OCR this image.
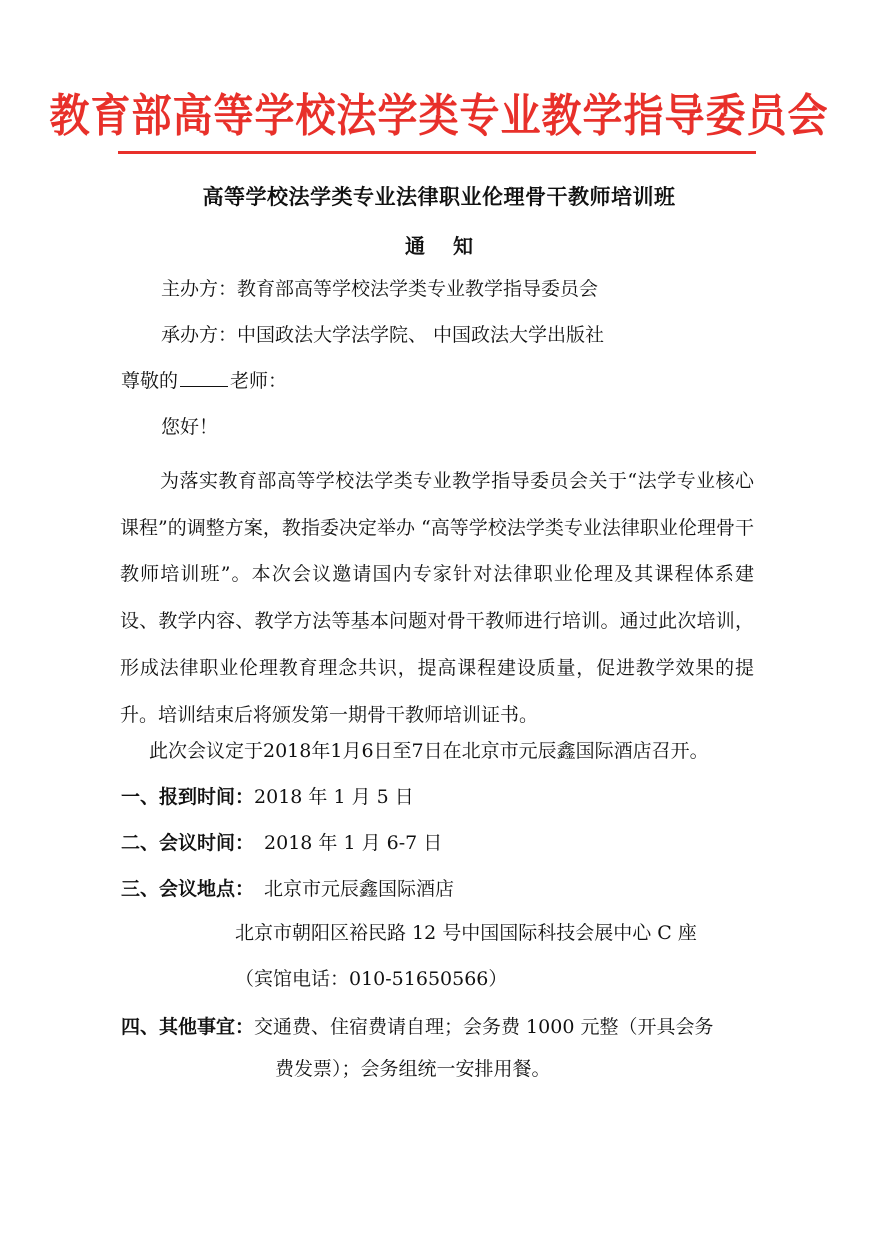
教育部高等学校法学类专业教学指导委员会
高等学校法学类专业法律职业伦理骨干教师培训班
通 知
主办方：教育部高等学校法学类专业教学指导委员会
承办方：中国政法大学法学院、 中国政法大学出版社
尊敬的	老师：
您好！
为落实教育部高等学校法学类专业教学指导委员会关于“法学专业核心课程”的调整方案，教指委决定举办 “高等学校法学类专业法律职业伦理骨干教师培训班”。本次会议邀请国内专家针对法律职业伦理及其课程体系建设、教学内容、教学方法等基本问题对骨干教师进行培训。通过此次培训，形成法律职业伦理教育理念共识，提高课程建设质量，促进教学效果的提升。培训结束后将颁发第一期骨干教师培训证书。
此次会议定于2018年1月6日至7日在北京市元辰鑫国际酒店召开。
一、报到时间：2018 年 1 月 5 日
二、会议时间： 2018 年 1 月 6-7 日
三、会议地点： 北京市元辰鑫国际酒店
北京市朝阳区裕民路 12 号中国国际科技会展中心 C 座
（宾馆电话：010-51650566）
四、其他事宜：交通费、住宿费请自理；会务费 1000 元整（开具会务
费发票）；会务组统一安排用餐。
